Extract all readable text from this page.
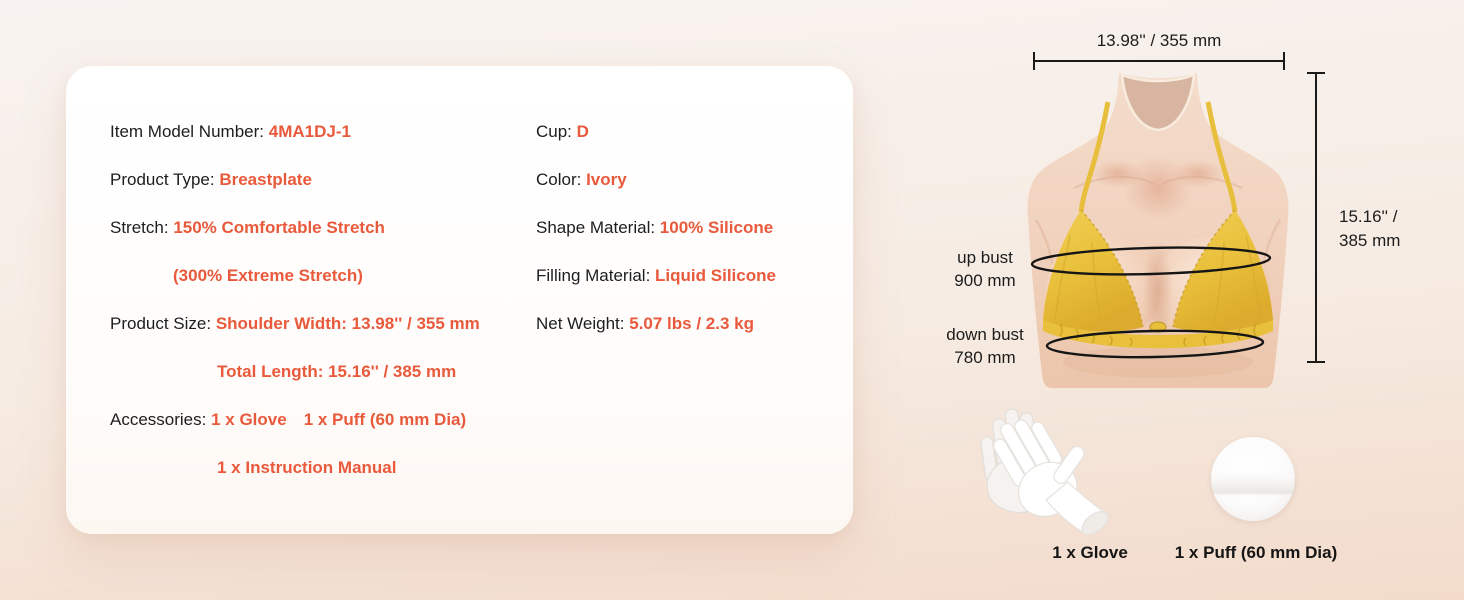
Item Model Number: 4MA1DJ-1
Product Type: Breastplate
Stretch: 150% Comfortable Stretch
(300% Extreme Stretch)
Product Size: Shoulder Width: 13.98'' / 355 mm
Total Length: 15.16'' / 385 mm
Accessories: 1 x Glove  1 x Puff (60 mm Dia)
1 x Instruction Manual
Cup: D
Color: Ivory
Shape Material: 100% Silicone
Filling Material: Liquid Silicone
Net Weight: 5.07 lbs / 2.3 kg
13.98'' / 355 mm
15.16'' /
385 mm
up bust
900 mm
down bust
780 mm
1 x Glove	1 x Puff (60 mm Dia)
